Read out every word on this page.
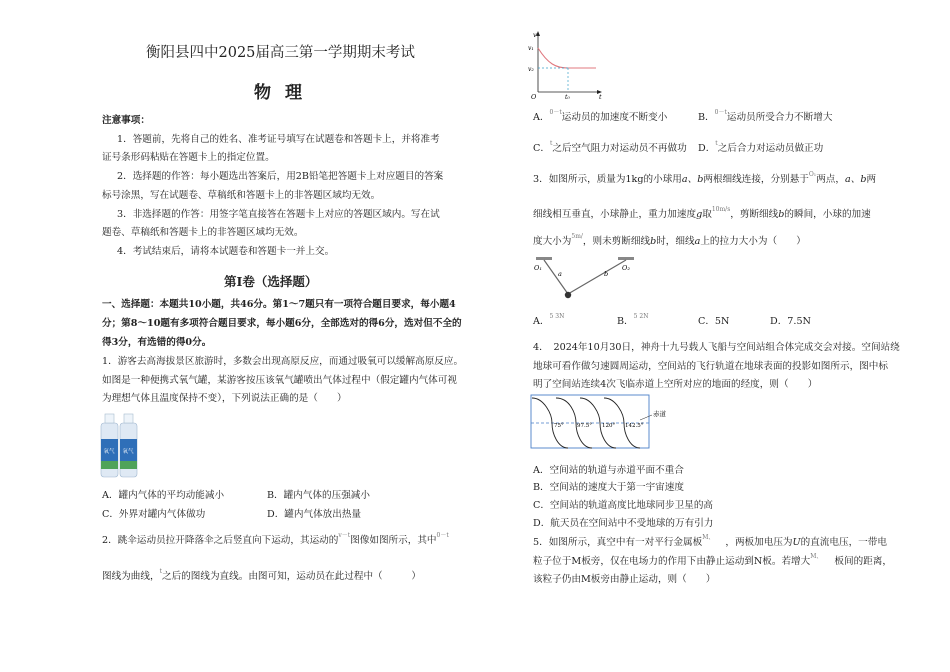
衡阳县四中2025届高三第一学期期末考试
物理
注意事项：
1．答题前，先将自己的姓名、准考证号填写在试题卷和答题卡上，并将准考
证号条形码粘贴在答题卡上的指定位置。
2．选择题的作答：每小题选出答案后，用2B铅笔把答题卡上对应题目的答案
标号涂黑，写在试题卷、草稿纸和答题卡上的非答题区域均无效。
3．非选择题的作答：用签字笔直接答在答题卡上对应的答题区域内。写在试
题卷、草稿纸和答题卡上的非答题区域均无效。
4．考试结束后，请将本试题卷和答题卡一并上交。
第Ⅰ卷（选择题）
一、选择题：本题共10小题，共46分。第1～7题只有一项符合题目要求，每小题4
分；第8～10题有多项符合题目要求，每小题6分，全部选对的得6分，选对但不全的
得3分，有选错的得0分。
1．游客去高海拔景区旅游时，多数会出现高原反应，而通过吸氧可以缓解高原反应。
如图是一种便携式氧气罐，某游客按压该氧气罐喷出气体过程中（假定罐内气体可视
为理想气体且温度保持不变），下列说法正确的是（　　）
氧气 氧气
A．罐内气体的平均动能减小	B．罐内气体的压强减小
C．外界对罐内气体做功	D．罐内气体放出热量
2．跳伞运动员拉开降落伞之后竖直向下运动，其运动的$^{v-t}$图像如图所示，其中$^{0-t}$
图线为曲线，$^t$之后的图线为直线。由图可知，运动员在此过程中（　　　）
v
t
v₁
v₂
t₀
O
A．$^{0-t}$运动员的加速度不断变小	B．$^{0-t}$运动员所受合力不断增大
C．$^t$之后空气阻力对运动员不再做功 D．$^t$之后合力对运动员做正功
3．如图所示，质量为1kg的小球用a、b两根细线连接，分别悬于$^{O_1}$两点，a、b两
细线相互垂直，小球静止，重力加速度g取$^{10m/s}$，剪断细线b的瞬间，小球的加速
度大小为$^{5m/}$，则未剪断细线b时，细线a上的拉力大小为（　　）
O₁	O₂
a	b
A．$^{5 3N}$	B．$^{5 2N}$	C．5N	D．7.5N
4．　2024年10月30日，神舟十九号载人飞船与空间站组合体完成交会对接。空间站绕
地球可看作做匀速圆周运动，空间站的飞行轨道在地球表面的投影如图所示，图中标
明了空间站连续4次飞临赤道上空所对应的地面的经度，则（　　）
75° 97.5° 120° 142.5°
赤道
A．空间站的轨道与赤道平面不重合
B．空间站的速度大于第一宇宙速度
C．空间站的轨道高度比地球同步卫星的高
D．航天员在空间站中不受地球的万有引力
5．如图所示，真空中有一对平行金属板$^{M、}$ ，两板加电压为U的直流电压，一带电
粒子位于M板旁，仅在电场力的作用下由静止运动到N板。若增大$^{M、}$ 板间的距离，
该粒子仍由M板旁由静止运动，则（　　）
